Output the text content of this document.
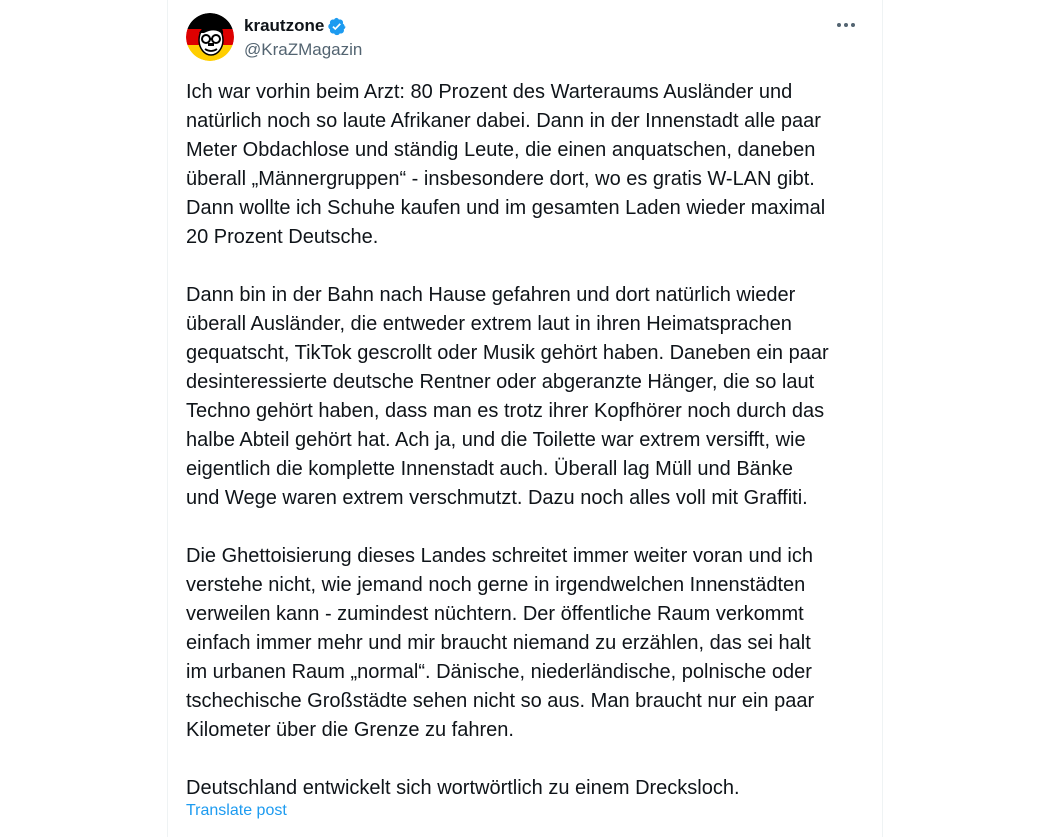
krautzone
@KraZMagazin

Ich war vorhin beim Arzt: 80 Prozent des Warteraums Ausländer und
natürlich noch so laute Afrikaner dabei. Dann in der Innenstadt alle paar
Meter Obdachlose und ständig Leute, die einen anquatschen, daneben
überall „Männergruppen“ - insbesondere dort, wo es gratis W-LAN gibt.
Dann wollte ich Schuhe kaufen und im gesamten Laden wieder maximal
20 Prozent Deutsche.

Dann bin in der Bahn nach Hause gefahren und dort natürlich wieder
überall Ausländer, die entweder extrem laut in ihren Heimatsprachen
gequatscht, TikTok gescrollt oder Musik gehört haben. Daneben ein paar
desinteressierte deutsche Rentner oder abgeranzte Hänger, die so laut
Techno gehört haben, dass man es trotz ihrer Kopfhörer noch durch das
halbe Abteil gehört hat. Ach ja, und die Toilette war extrem versifft, wie
eigentlich die komplette Innenstadt auch. Überall lag Müll und Bänke
und Wege waren extrem verschmutzt. Dazu noch alles voll mit Graffiti.

Die Ghettoisierung dieses Landes schreitet immer weiter voran und ich
verstehe nicht, wie jemand noch gerne in irgendwelchen Innenstädten
verweilen kann - zumindest nüchtern. Der öffentliche Raum verkommt
einfach immer mehr und mir braucht niemand zu erzählen, das sei halt
im urbanen Raum „normal“. Dänische, niederländische, polnische oder
tschechische Großstädte sehen nicht so aus. Man braucht nur ein paar
Kilometer über die Grenze zu fahren.

Deutschland entwickelt sich wortwörtlich zu einem Drecksloch.

Translate post
